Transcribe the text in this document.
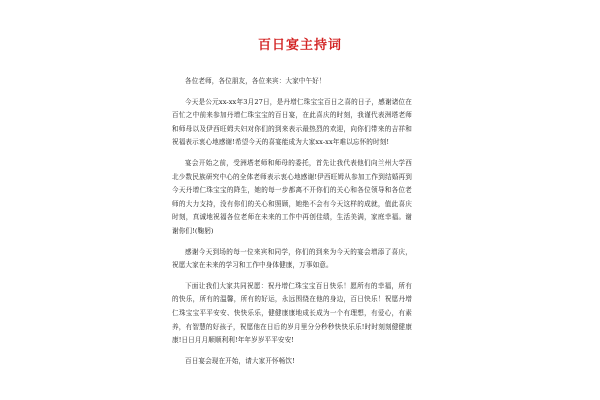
百日宴主持词

各位老师，各位朋友，各位来宾：大家中午好！

今天是公元xx-xx年3月27日，是丹增仁珠宝宝百日之喜的日子，感谢诸位在百忙之中前来参加丹增仁珠宝宝的百日宴，在此喜庆的时刻，我谨代表洲塔老师和师母以及伊西旺姆夫妇对你们的到来表示最热烈的欢迎，向你们带来的吉祥和祝福表示衷心地感谢!希望今天的喜宴能成为大家xx-xx年难以忘怀的时刻!

宴会开始之前，受洲塔老师和师母的委托，首先让我代表他们向兰州大学西北少数民族研究中心的全体老师表示衷心地感谢!伊西旺姆从参加工作到结婚再到今天丹增仁珠宝宝的降生，她的每一步都离不开你们的关心和各位领导和各位老师的大力支持，没有你们的关心和照顾，她绝不会有今天这样的成就，值此喜庆时刻，真诚地祝福各位老师在未来的工作中再创佳绩，生活美满，家庭幸福。谢谢你们!(鞠躬)

感谢今天到场的每一位来宾和同学，你们的到来为今天的宴会增添了喜庆，祝愿大家在未来的学习和工作中身体健康，万事如意。

下面让我们大家共同祝愿：祝丹增仁珠宝宝百日快乐！愿所有的幸福，所有的快乐，所有的温馨，所有的好运，永远围绕在他的身边，百日快乐！祝愿丹增仁珠宝宝平平安安、快快乐乐，健健康康地成长成为一个有理想，有爱心，有素养，有智慧的好孩子，祝愿他在日后的岁月里分分秒秒快快乐乐!时时刻刻健健康康!日日月月顺顺利利!年年岁岁平平安安!

百日宴会现在开始，请大家开怀畅饮!
